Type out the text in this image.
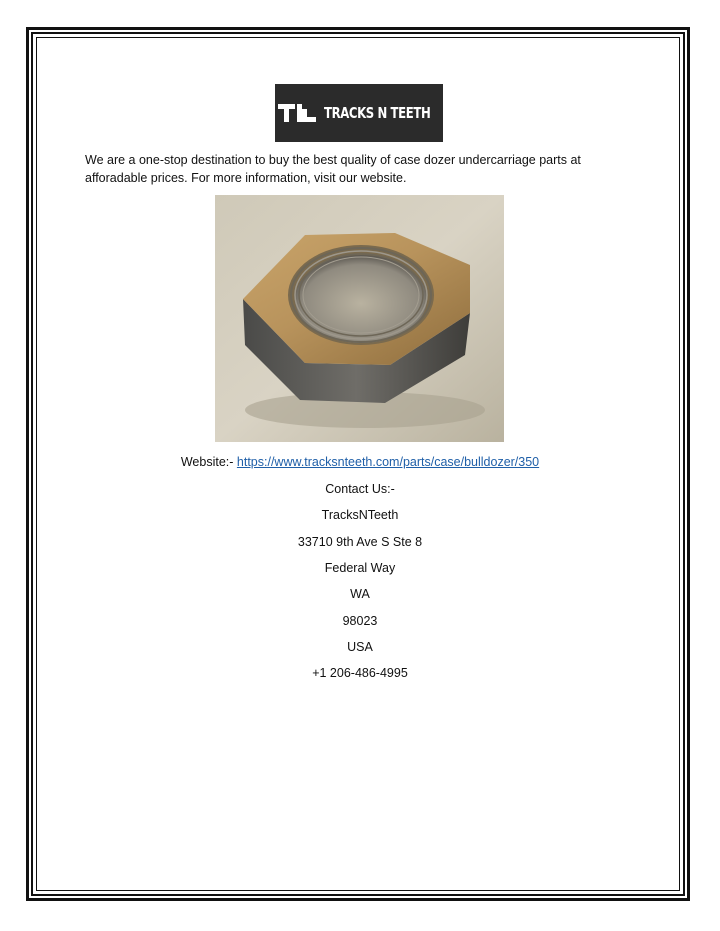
TRACKS N TEETH

We are a one-stop destination to buy the best quality of case dozer undercarriage parts at afforadable prices. For more information, visit our website.

Website:- https://www.tracksnteeth.com/parts/case/bulldozer/350
Contact Us:-
TracksNTeeth
33710 9th Ave S Ste 8
Federal Way
WA
98023
USA
+1 206-486-4995
